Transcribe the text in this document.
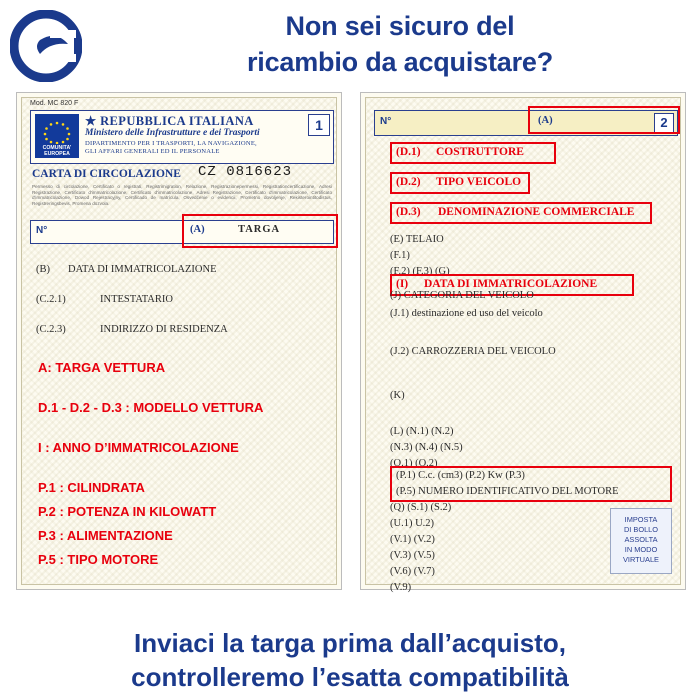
Non sei sicuro del
ricambio da acquistare?
Mod. MC 820 F
COMUNITA’ EUROPEA
★ REPUBBLICA ITALIANA
Ministero delle Infrastrutture e dei Trasporti
DIPARTIMENTO PER I TRASPORTI, LA NAVIGAZIONE,
GLI AFFARI GENERALI ED IL PERSONALE
1
CARTA DI CIRCOLAZIONE CZ 0816623
Permesso di circolazione, Certificato o registrati, Registrimigration, Relazione, Registrazionepermessi, Registrationcertificazione, Adresi Registrazione, Certificato d'immatricolazione, Certificato d'immatricolazione, Adresi Registrazione, Certificato d'immatricolazione, Certificato d'immatricolazione, Dowod Rejestracyjny, Certificado de matrícula, Osvedčenie o evidencii, Prometno dovoljenje, Rekisterointitodistus, Registreringsbevis, Promena dozvola.
N°	(A)	TARGA
(B) DATA DI IMMATRICOLAZIONE
(C.2.1)	INTESTATARIO
(C.2.3)	INDIRIZZO DI RESIDENZA
A: TARGA VETTURA
D.1 - D.2 - D.3 : MODELLO VETTURA
I : ANNO D’IMMATRICOLAZIONE
P.1 : CILINDRATA
P.2 : POTENZA IN KILOWATT
P.3 : ALIMENTAZIONE
P.5 : TIPO MOTORE
N°	2
(A)
(D.1) COSTRUTTORE
(D.2) TIPO VEICOLO
(D.3) DENOMINAZIONE COMMERCIALE
(E) TELAIO
(F.1)
(F.2) (F.3) (G)
(I) DATA DI IMMATRICOLAZIONE
(J) CATEGORIA DEL VEICOLO
(J.1) destinazione ed uso del veicolo
(J.2) CARROZZERIA DEL VEICOLO
(K)
(L) (N.1) (N.2)
(N.3) (N.4) (N.5)
(O.1) (O.2)
(P.1) C.c. (cm3) (P.2) Kw (P.3)
(P.5) NUMERO IDENTIFICATIVO DEL MOTORE
(Q) (S.1) (S.2)
(U.1) U.2)
(V.1) (V.2)
(V.3) (V.5)
(V.6) (V.7)
(V.9)
IMPOSTA
DI BOLLO
ASSOLTA
IN MODO
VIRTUALE
Inviaci la targa prima dall’acquisto,
controlleremo l’esatta compatibilità
